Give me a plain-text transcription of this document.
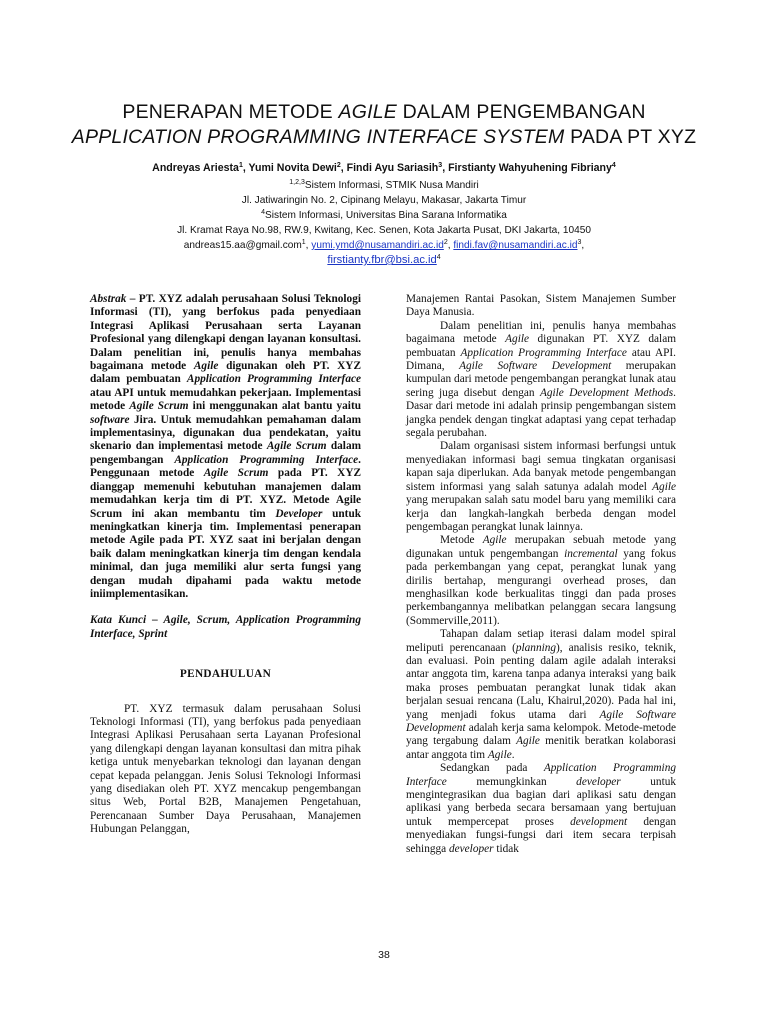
PENERAPAN METODE AGILE DALAM PENGEMBANGAN
APPLICATION PROGRAMMING INTERFACE SYSTEM PADA PT XYZ
Andreyas Ariesta$^1$, Yumi Novita Dewi$^2$, Findi Ayu Sariasih$^3$, Firstianty Wahyuhening Fibriany$^4$
$^{1,2,3}$Sistem Informasi, STMIK Nusa Mandiri
Jl. Jatiwaringin No. 2, Cipinang Melayu, Makasar, Jakarta Timur
$^4$Sistem Informasi, Universitas Bina Sarana Informatika
Jl. Kramat Raya No.98, RW.9, Kwitang, Kec. Senen, Kota Jakarta Pusat, DKI Jakarta, 10450
andreas15.aa@gmail.com$^1$, $yumi.ymd@nusamandiri.ac.id^2$, $findi.fav@nusamandiri.ac.id^3$,
$firstianty.fbr@bsi.ac.id^4$

Abstrak – PT. XYZ adalah perusahaan Solusi Teknologi Informasi (TI), yang berfokus pada penyediaan Integrasi Aplikasi Perusahaan serta Layanan Profesional yang dilengkapi dengan layanan konsultasi. Dalam penelitian ini, penulis hanya membahas bagaimana metode Agile digunakan oleh PT. XYZ dalam pembuatan Application Programming Interface atau API untuk memudahkan pekerjaan. Implementasi metode Agile Scrum ini menggunakan alat bantu yaitu software Jira. Untuk memudahkan pemahaman dalam implementasinya, digunakan dua pendekatan, yaitu skenario dan implementasi metode Agile Scrum dalam pengembangan Application Programming Interface. Penggunaan metode Agile Scrum pada PT. XYZ dianggap memenuhi kebutuhan manajemen dalam memudahkan kerja tim di PT. XYZ. Metode Agile Scrum ini akan membantu tim Developer untuk meningkatkan kinerja tim. Implementasi penerapan metode Agile pada PT. XYZ saat ini berjalan dengan baik dalam meningkatkan kinerja tim dengan kendala minimal, dan juga memiliki alur serta fungsi yang dengan mudah dipahami pada waktu metode iniimplementasikan.

Kata Kunci – Agile, Scrum, Application Programming Interface, Sprint

PENDAHULUAN

PT. XYZ termasuk dalam perusahaan Solusi Teknologi Informasi (TI), yang berfokus pada penyediaan Integrasi Aplikasi Perusahaan serta Layanan Profesional yang dilengkapi dengan layanan konsultasi dan mitra pihak ketiga untuk menyebarkan teknologi dan layanan dengan cepat kepada pelanggan. Jenis Solusi Teknologi Informasi yang disediakan oleh PT. XYZ mencakup pengembangan situs Web, Portal B2B, Manajemen Pengetahuan, Perencanaan Sumber Daya Perusahaan, Manajemen Hubungan Pelanggan,

Manajemen Rantai Pasokan, Sistem Manajemen Sumber Daya Manusia.

Dalam penelitian ini, penulis hanya membahas bagaimana metode Agile digunakan PT. XYZ dalam pembuatan Application Programming Interface atau API. Dimana, Agile Software Development merupakan kumpulan dari metode pengembangan perangkat lunak atau sering juga disebut dengan Agile Development Methods. Dasar dari metode ini adalah prinsip pengembangan sistem jangka pendek dengan tingkat adaptasi yang cepat terhadap segala perubahan.

Dalam organisasi sistem informasi berfungsi untuk menyediakan informasi bagi semua tingkatan organisasi kapan saja diperlukan. Ada banyak metode pengembangan sistem informasi yang salah satunya adalah model Agile yang merupakan salah satu model baru yang memiliki cara kerja dan langkah-langkah berbeda dengan model pengembagan perangkat lunak lainnya.

Metode Agile merupakan sebuah metode yang digunakan untuk pengembangan incremental yang fokus pada perkembangan yang cepat, perangkat lunak yang dirilis bertahap, mengurangi overhead proses, dan menghasilkan kode berkualitas tinggi dan pada proses perkembangannya melibatkan pelanggan secara langsung (Sommerville,2011).

Tahapan dalam setiap iterasi dalam model spiral meliputi perencanaan (planning), analisis resiko, teknik, dan evaluasi. Poin penting dalam agile adalah interaksi antar anggota tim, karena tanpa adanya interaksi yang baik maka proses pembuatan perangkat lunak tidak akan berjalan sesuai rencana (Lalu, Khairul,2020). Pada hal ini, yang menjadi fokus utama dari Agile Software Development adalah kerja sama kelompok. Metode-metode yang tergabung dalam Agile menitik beratkan kolaborasi antar anggota tim Agile.

Sedangkan pada Application Programming Interface memungkinkan developer untuk mengintegrasikan dua bagian dari aplikasi satu dengan aplikasi yang berbeda secara bersamaan yang bertujuan untuk mempercepat proses development dengan menyediakan fungsi-fungsi dari item secara terpisah sehingga developer tidak

38
